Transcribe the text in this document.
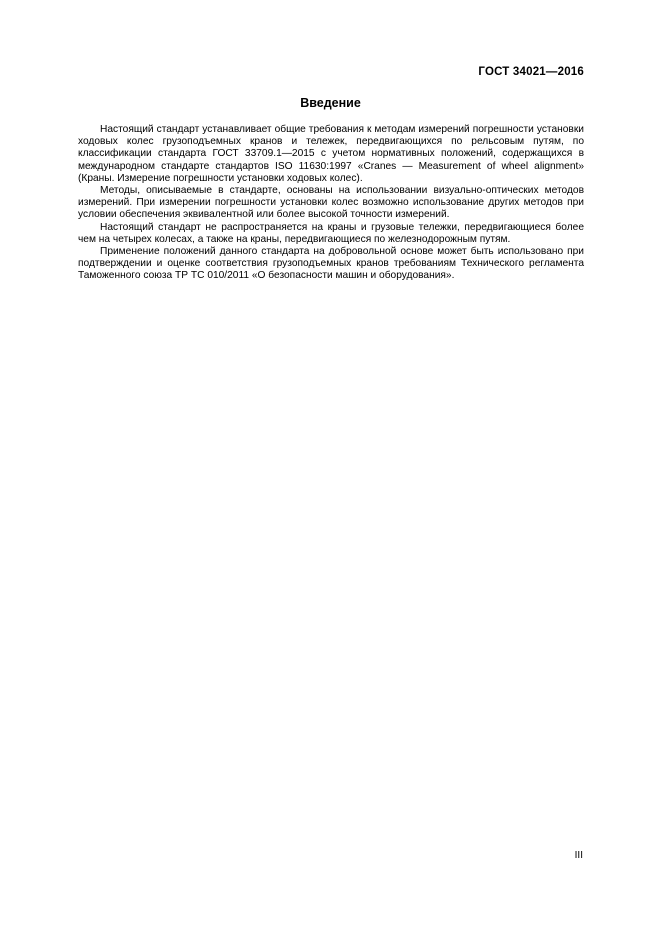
ГОСТ 34021—2016
Введение

Настоящий стандарт устанавливает общие требования к методам измерений погрешности установки ходовых колес грузоподъемных кранов и тележек, передвигающихся по рельсовым путям, по классификации стандарта ГОСТ 33709.1—2015 с учетом нормативных положений, содержащихся в международном стандарте стандартов ISO 11630:1997 «Cranes — Measurement of wheel alignment» (Краны. Измерение погрешности установки ходовых колес).

Методы, описываемые в стандарте, основаны на использовании визуально-оптических методов измерений. При измерении погрешности установки колес возможно использование других методов при условии обеспечения эквивалентной или более высокой точности измерений.

Настоящий стандарт не распространяется на краны и грузовые тележки, передвигающиеся более чем на четырех колесах, а также на краны, передвигающиеся по железнодорожным путям.

Применение положений данного стандарта на добровольной основе может быть использовано при подтверждении и оценке соответствия грузоподъемных кранов требованиям Технического регламента Таможенного союза ТР ТС 010/2011 «О безопасности машин и оборудования».

III
